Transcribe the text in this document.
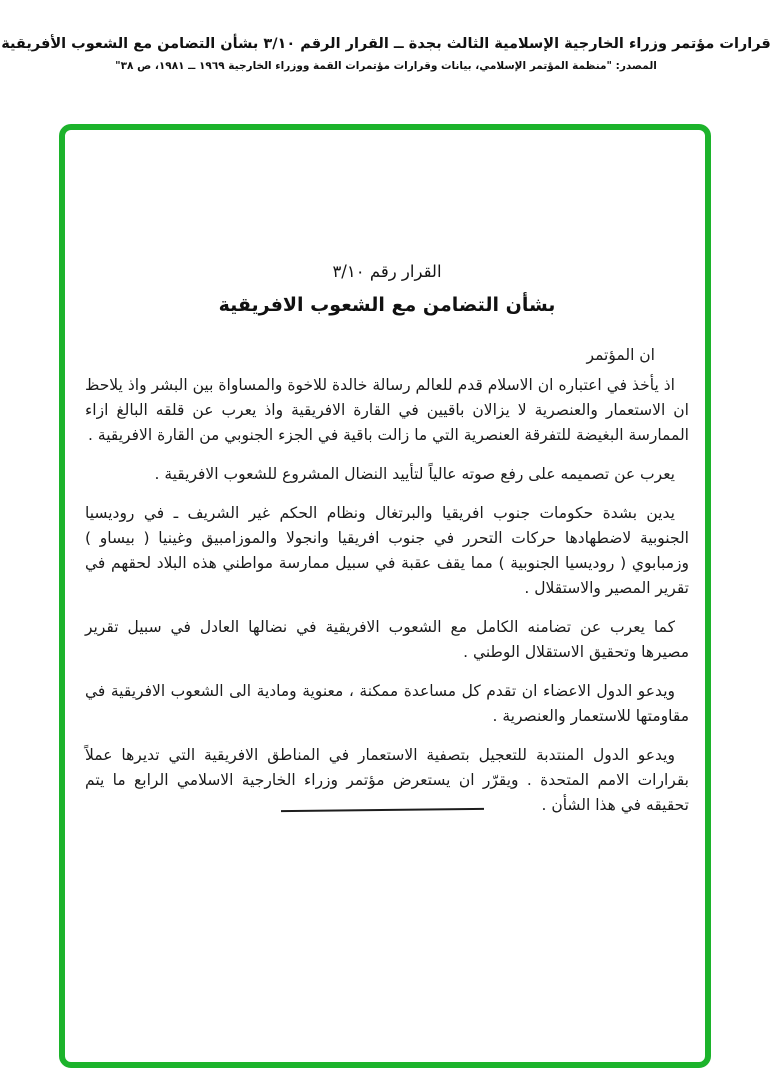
قرارات مؤتمر وزراء الخارجية الإسلامية الثالث بجدة ــ القرار الرقم ٣/١٠ بشأن التضامن مع الشعوب الأفريقية
المصدر: "منظمة المؤتمر الإسلامي، بيانات وقرارات مؤتمرات القمة ووزراء الخارجية ١٩٦٩ ــ ١٩٨١، ص ٣٨"
القرار رقم ٣/١٠
بشأن التضامن مع الشعوب الافريقية

ان المؤتمر

اذ يأخذ في اعتباره ان الاسلام قدم للعالم رسالة خالدة للاخوة والمساواة بين البشر واذ يلاحظ ان الاستعمار والعنصرية لا يزالان باقيين في القارة الافريقية واذ يعرب عن قلقه البالغ ازاء الممارسة البغيضة للتفرقة العنصرية التي ما زالت باقية في الجزء الجنوبي من القارة الافريقية .

يعرب عن تصميمه على رفع صوته عالياً لتأييد النضال المشروع للشعوب الافريقية .

يدين بشدة حكومات جنوب افريقيا والبرتغال ونظام الحكم غير الشريف ـ في روديسيا الجنوبية لاضطهادها حركات التحرر في جنوب افريقيا وانجولا والموزامبيق وغينيا ( بيساو ) وزمبابوي ( روديسيا الجنوبية ) مما يقف عقبة في سبيل ممارسة مواطني هذه البلاد لحقهم في تقرير المصير والاستقلال .

كما يعرب عن تضامنه الكامل مع الشعوب الافريقية في نضالها العادل في سبيل تقرير مصيرها وتحقيق الاستقلال الوطني .

ويدعو الدول الاعضاء ان تقدم كل مساعدة ممكنة ، معنوية ومادية الى الشعوب الافريقية في مقاومتها للاستعمار والعنصرية .

ويدعو الدول المنتدبة للتعجيل بتصفية الاستعمار في المناطق الافريقية التي تديرها عملاً بقرارات الامم المتحدة . ويقرّر ان يستعرض مؤتمر وزراء الخارجية الاسلامي الرابع ما يتم تحقيقه في هذا الشأن .
